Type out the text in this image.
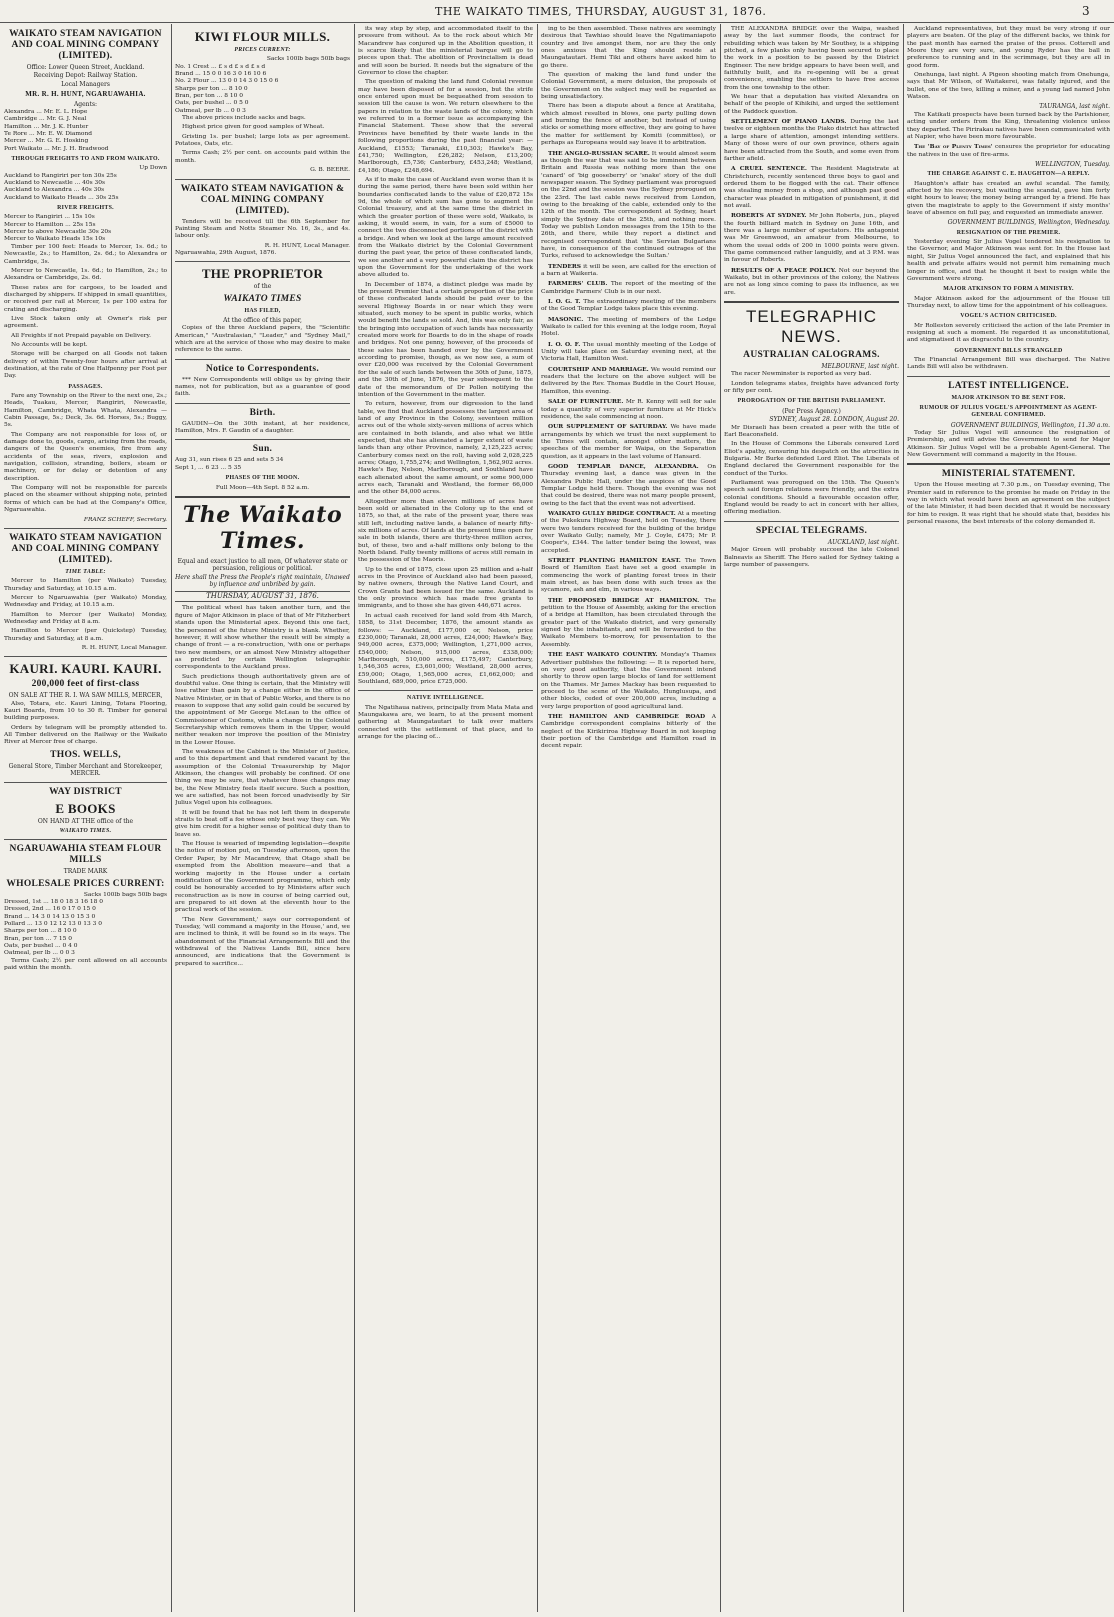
THE WAIKATO TIMES, THURSDAY, AUGUST 31, 1876.	3
WAIKATO STEAM NAVIGATION AND COAL MINING COMPANY (LIMITED).
Office: Lower Queen Street, Auckland.
Receiving Depot: Railway Station.
Local Managers
MR. R. H. HUNT, NGARUAWAHIA.
Agents:
Alexandra ... Mr. E. L. Hope
Cambridge ... Mr. G. J. Neal
Hamilton ... Mr. J. K. Hunter
Te Rore ... Mr. E. W. Diamond
Mercer ... Mr. G. E. Hosking
Port Waikato ... Mr. J. H. Bradwood
THROUGH FREIGHTS TO AND FROM WAIKATO.
Up Down
Auckland to Rangiriri per ton 30s 25s
Auckland to Newcastle ... 40s 30s
Auckland to Alexandra ... 40s 30s
Auckland to Waikato Heads ... 30s 25s
RIVER FREIGHTS.
Mercer to Rangiriri ... 15s 10s
Mercer to Hamilton ... 25s 15s
Mercer to above Newcastle 30s 20s
Mercer to Waikato Heads 15s 10s

Timber per 100 feet: Heads to Mercer, 1s. 6d.; to Newcastle, 2s.; to Hamilton, 2s. 6d.; to Alexandra or Cambridge, 3s.

Mercer to Newcastle, 1s. 6d.; to Hamilton, 2s.; to Alexandra or Cambridge, 2s. 6d.

These rates are for cargoes, to be loaded and discharged by shippers. If shipped in small quantities, or received per rail at Mercer, 1s per 100 extra for crating and discharging.

Live Stock taken only at Owner's risk per agreement.

All Freights if not Prepaid payable on Delivery.

No Accounts will be kept.

Storage will be charged on all Goods not taken delivery of within Twenty-four hours after arrival at destination, at the rate of One Halfpenny per Foot per Day.

PASSAGES.

Fare any Township on the River to the next one, 2s.; Heads, Tuakau, Mercer, Rangiriri, Newcastle, Hamilton, Cambridge, Whata Whata, Alexandra — Cabin Passage, 5s.; Deck, 3s. 6d. Horses, 5s.; Buggy, 5s.

The Company are not responsible for loss of, or damage done to, goods, cargo, arising from the roads, dangers of the Queen's enemies, fire from any accidents of the seas, rivers, explosion and navigation, collision, stranding, boilers, steam or machinery, or for delay or detention of any description.

The Company will not be responsible for parcels placed on the steamer without shipping note, printed forms of which can be had at the Company's Office, Ngaruawahia.

FRANZ SCHEFF, Secretary.
WAIKATO STEAM NAVIGATION AND COAL MINING COMPANY (LIMITED).
TIME TABLE:

Mercer to Hamilton (per Waikato) Tuesday, Thursday and Saturday, at 10.15 a.m.

Mercer to Ngaruawahia (per Waikato) Monday, Wednesday and Friday, at 10.15 a.m.

Hamilton to Mercer (per Waikato) Monday, Wednesday and Friday at 8 a.m.

Hamilton to Mercer (per Quickstep) Tuesday, Thursday and Saturday, at 8 a.m.

R. H. HUNT, Local Manager.
KAURI. KAURI. KAURI.
200,000 feet of first-class
ON SALE AT THE R. I. WA SAW MILLS, MERCER,

Also, Totara, etc. Kauri Lining, Totara Flooring, Kauri Boards, from 10 to 30 ft. Timber for general building purposes.

Orders by telegram will be promptly attended to. All Timber delivered on the Railway or the Waikato River at Mercer free of charge.

THOS. WELLS,
General Store, Timber Merchant and Storekeeper, MERCER.
WAY DISTRICT
E BOOKS
ON HAND AT THE office of the
WAIKATO TIMES.
NGARUAWAHIA STEAM FLOUR MILLS
TRADE MARK
WHOLESALE PRICES CURRENT:
Sacks 100lb bags 50lb bags
Dressed, 1st ... 18 0 18 3 16 18 0
Dressed, 2nd ... 16 0 17 0 15 0
Brand ... 14 3 0 14 13 0 15 3 0
Pollard ... 13 0 12 12 13 0 13 3 0
Sharps per ton ... 8 10 0
Bran, per ton ... 7 15 0
Oats, per bushel ... 0 4 0
Oatmeal, per lb ... 0 0 3

Terms Cash; 2½ per cent allowed on all accounts paid within the month.

KIWI FLOUR MILLS.
PRICES CURRENT:
Sacks 100lb bags 50lb bags
No. 1 Crest ... £ s d £ s d £ s d
Brand ... 15 0 0 16 3 0 16 10 6
No. 2 Flour ... 13 0 0 14 3 0 15 0 6
Sharps per ton ... 8 10 0
Bran, per ton ... 8 10 0
Oats, per bushel ... 0 5 0
Oatmeal, per lb ... 0 0 3

The above prices include sacks and bags.

Highest price given for good samples of Wheat.

Gristing 1s. per bushel; large lots as per agreement. Potatoes, Oats, etc.

Terms Cash; 2½ per cent. on accounts paid within the month.

G. B. BEERE.
WAIKATO STEAM NAVIGATION & COAL MINING COMPANY (LIMITED).

Tenders will be received till the 6th September for Painting Steam and Notts Steamer No. 16, 3s., and 4s. labour only.

R. H. HUNT, Local Manager.
Ngaruawahia, 29th August, 1876.
THE PROPRIETOR
of the
WAIKATO TIMES
HAS FILED,
At the office of this paper,

Copies of the three Auckland papers, the "Scientific American," "Australasian," "Leader," and "Sydney Mail," which are at the service of those who may desire to make reference to the same.

Notice to Correspondents.

*** New Correspondents will oblige us by giving their names, not for publication, but as a guarantee of good faith.

Birth.

GAUDIN—On the 30th instant, at her residence, Hamilton, Mrs. F. Gaudin of a daughter.

Sun.
Aug 31, sun rises 6 25 and sets 5 34
Sept 1, ... 6 23 ... 5 35
PHASES OF THE MOON.
Full Moon—4th Sept. 8 52 a.m.
The Waikato Times.
Equal and exact justice to all men, Of whatever state or persuasion, religious or political.
Here shall the Press the People's right maintain, Unawed by influence and unbribed by gain.
THURSDAY, AUGUST 31, 1876.

The political wheel has taken another turn, and the figure of Major Atkinson in place of that of Mr Fitzherbert stands upon the Ministerial apex. Beyond this one fact, the personnel of the future Ministry is a blank. Whether, however, it will show whether the result will be simply a change of front — a re-construction, 'with one or perhaps two new members, or an almost New Ministry altogether as predicted by certain Wellington telegraphic correspondents to the Auckland press.

Such predictions though authoritatively given are of doubtful value. One thing is certain, that the Ministry will lose rather than gain by a change either in the office of Native Minister, or in that of Public Works, and there is no reason to suppose that any solid gain could be secured by the appointment of Mr George McLean to the office of Commissioner of Customs, while a change in the Colonial Secretaryship which removes them in the Upper, would neither weaken nor improve the position of the Ministry in the Lower House.

The weakness of the Cabinet is the Minister of Justice, and to this department and that rendered vacant by the assumption of the Colonial Treasurership by Major Atkinson, the changes will probably be confined. Of one thing we may be sure, that whatever those changes may be, the New Ministry feels itself secure. Such a position, we are satisfied, has not been forced unadvisedly by Sir Julius Vogel upon his colleagues.

It will be found that he has not left them in desperate straits to beat off a foe whose only best way they can. We give him credit for a higher sense of political duty than to leave so.

The House is wearied of impending legislation—despite the notice of motion put, on Tuesday afternoon, upon the Order Paper, by Mr Macandrew, that Otago shall be exempted from the Abolition measure—and that a working majority in the House under a certain modification of the Government programme, which only could be honourably acceded to by Ministers after such reconstruction as is now in course of being carried out, are prepared to sit down at the eleventh hour to the practical work of the session.

'The New Government,' says our correspondent of Tuesday, 'will command a majority in the House,' and, we are inclined to think, it will be found so in its ways. The abandonment of the Financial Arrangements Bill and the withdrawal of the Natives Lands Bill, since here announced, are indications that the Government is prepared to sacrifice...

its way step by step, and accommodated itself to the pressure from without. As to the rock about which Mr Macandrew has conjured up in the Abolition question, it is scarce likely that the ministerial barque will go to pieces upon that. The abolition of Provincialism is dead and will soon be buried. It needs but the signature of the Governor to close the chapter.

The question of making the land fund Colonial revenue may have been disposed of for a session, but the strife once entered upon must be bequeathed from session to session till the cause is won. We return elsewhere to the papers in relation to the waste lands of the colony, which we referred to in a former issue as accompanying the Financial Statement. These show that the several Provinces have benefited by their waste lands in the following proportions during the past financial year: — Auckland, £1553; Taranaki, £10,303; Hawke's Bay, £41,750; Wellington, £26,282; Nelson, £13,200; Marlborough, £5,736; Canterbury, £453,248; Westland, £4,186; Otago, £248,694.

As if to make the case of Auckland even worse than it is during the same period, there have been sold within her boundaries confiscated lands to the value of £20,872 15s 9d, the whole of which sum has gone to augment the Colonial treasury, and at the same time the district in which the greater portion of these were sold, Waikato, is asking, it would seem, in vain, for a sum of £5000 to connect the two disconnected portions of the district with a bridge. And when we look at the large amount received from the Waikato district by the Colonial Government during the past year, the price of these confiscated lands, we see another and a very powerful claim the district has upon the Government for the undertaking of the work above alluded to.

In December of 1874, a distinct pledge was made by the present Premier that a certain proportion of the price of these confiscated lands should be paid over to the several Highway Boards in or near which they were situated, such money to be spent in public works, which would benefit the lands so sold. And, this was only fair, as the bringing into occupation of such lands has necessarily created more work for Boards to do in the shape of roads and bridges. Not one penny, however, of the proceeds of these sales has been handed over by the Government according to promise, though, as we now see, a sum of over £20,000 was received by the Colonial Government for the sale of such lands between the 30th of June, 1875, and the 30th of June, 1876, the year subsequent to the date of the memorandum of Dr Pollen notifying the intention of the Government in the matter.

To return, however, from our digression to the land table, we find that Auckland possesses the largest area of land of any Province in the Colony, seventeen million acres out of the whole sixty-seven millions of acres which are contained in both islands, and also what we little expected, that she has alienated a larger extent of waste lands than any other Province, namely, 2,125,223 acres; Canterbury comes next on the roll, having sold 2,028,225 acres; Otago, 1,755,274; and Wellington, 1,562,902 acres. Hawke's Bay, Nelson, Marlborough, and Southland have each alienated about the same amount, or some 900,000 acres each, Taranaki and Westland, the former 66,000 and the other 84,000 acres.

Altogether more than eleven millions of acres have been sold or alienated in the Colony up to the end of 1875, so that, at the rate of the present year, there was still left, including native lands, a balance of nearly fifty-six millions of acres. Of lands at the present time open for sale in both islands, there are thirty-three million acres, but, of these, two and a-half millions only belong to the North Island. Fully twenty millions of acres still remain in the possession of the Maoris.

Up to the end of 1875, close upon 25 million and a-half acres in the Province of Auckland also had been passed, by native owners, through the Native Land Court, and Crown Grants had been issued for the same. Auckland is the only province which has made free grants to immigrants, and to those she has given 446,671 acres.

In actual cash received for land sold from 4th March, 1858, to 31st December, 1876, the amount stands as follows: — Auckland, £177,000 or, Nelson, price £230,000; Taranaki, 28,000 acres, £24,000; Hawke's Bay, 949,000 acres, £375,000; Wellington, 1,271,000 acres, £540,000; Nelson, 915,000 acres, £338,000; Marlborough, 510,000 acres, £175,497; Canterbury, 1,546,305 acres, £3,601,000; Westland, 28,000 acres, £59,000; Otago, 1,565,000 acres, £1,662,000; and Southland, 689,000, price £725,000.

NATIVE INTELLIGENCE.

The Ngatihaua natives, principally from Mata Mata and Maungakawa are, we learn, to at the present moment gathering at Maungatautari to talk over matters connected with the settlement of that place, and to arrange for the placing of...

ing to be then assembled. These natives are seemingly desirous that Tawhiao should leave the Ngatimaniapoto country and live amongst them, nor are they the only ones anxious that the King should reside at Maungatautari. Hemi Tiki and others have asked him to go there.

The question of making the land fund under the Colonial Government, a mere delusion, the proposals of the Government on the subject may well be regarded as being unsatisfactory.

There has been a dispute about a fence at Aratitaha, which almost resulted in blows, one party pulling down and burning the fence of another, but instead of using sticks or something more effective, they are going to have the matter for settlement by Komiti (committee), or perhaps as Europeans would say leave it to arbitration.

THE ANGLO-RUSSIAN SCARE. It would almost seem as though the war that was said to be imminent between Britain and Russia was nothing more than the one 'canard' of 'big gooseberry' or 'snake' story of the dull newspaper season. The Sydney parliament was prorogued on the 22nd and the session was the Sydney prorogued on the 23rd. The last cable news received from London, owing to the breaking of the cable, extended only to the 12th of the month. The correspondent at Sydney, heart simply the Sydney date of the 25th, and nothing more. Today we publish London messages from the 15th to the 26th, and there, while they report a distinct and recognised correspondent that 'the Servian Bulgarians have, in consequence of the continued outrages of the Turks, refused to acknowledge the Sultan.'

TENDERS it will be seen, are called for the erection of a barn at Waikeria.

FARMERS' CLUB. The report of the meeting of the Cambridge Farmers' Club is in our next.

I. O. G. T. The extraordinary meeting of the members of the Good Templar Lodge takes place this evening.

MASONIC. The meeting of members of the Lodge Waikato is called for this evening at the lodge room, Royal Hotel.

I. O. O. F. The usual monthly meeting of the Lodge of Unity will take place on Saturday evening next, at the Victoria Hall, Hamilton West.

COURTSHIP AND MARRIAGE. We would remind our readers that the lecture on the above subject will be delivered by the Rev. Thomas Buddle in the Court House, Hamilton, this evening.

SALE OF FURNITURE. Mr R. Kenny will sell for sale today a quantity of very superior furniture at Mr Hick's residence, the sale commencing at noon.

OUR SUPPLEMENT OF SATURDAY. We have made arrangements by which we trust the next supplement to the Times will contain, amongst other matters, the speeches of the member for Waipa, on the Separation question, as it appears in the last volume of Hansard.

GOOD TEMPLAR DANCE, ALEXANDRA. On Thursday evening last, a dance was given in the Alexandra Public Hall, under the auspices of the Good Templar Lodge held there. Though the evening was not that could be desired, there was not many people present, owing to the fact that the event was not advertised.

WAIKATO GULLY BRIDGE CONTRACT. At a meeting of the Pukekura Highway Board, held on Tuesday, there were two tenders received for the building of the bridge over Waikato Gully; namely, Mr J. Coyle, £475; Mr P. Cooper's, £344. The latter tender being the lowest, was accepted.

STREET PLANTING HAMILTON EAST. The Town Board of Hamilton East have set a good example in commencing the work of planting forest trees in their main street, as has been done with such trees as the sycamore, ash and elm, in various ways.

THE PROPOSED BRIDGE AT HAMILTON. The petition to the House of Assembly, asking for the erection of a bridge at Hamilton, has been circulated through the greater part of the Waikato district, and very generally signed by the inhabitants, and will be forwarded to the Waikato Members to-morrow, for presentation to the Assembly.

THE EAST WAIKATO COUNTRY. Monday's Thames Advertiser publishes the following: — It is reported here, on very good authority, that the Government intend shortly to throw open large blocks of land for settlement on the Thames. Mr James Mackay has been requested to proceed to the scene of the Waikato, Hunglusupa, and other blocks, ceded of over 200,000 acres, including a very large proportion of good agricultural land.

THE HAMILTON AND CAMBRIDGE ROAD A Cambridge correspondent complains bitterly of the neglect of the Kirikiriroa Highway Board in not keeping their portion of the Cambridge and Hamilton road in decent repair.

THE ALEXANDRA BRIDGE over the Waipa, washed away by the last summer floods, the contract for rebuilding which was taken by Mr Southey, is a shipping pitched, a few planks only having been secured to place the work in a position to be passed by the District Engineer. The new bridge appears to have been well, and faithfully built, and its re-opening will be a great convenience, enabling the settlers to have free access from the one township to the other.

We hear that a deputation has visited Alexandra on behalf of the people of Kihikihi, and urged the settlement of the Paddock question.

SETTLEMENT OF PIANO LANDS. During the last twelve or eighteen months the Piako district has attracted a large share of attention, amongst intending settlers. Many of those were of our own province, others again have been attracted from the South, and some even from farther afield.

A CRUEL SENTENCE. The Resident Magistrate at Christchurch, recently sentenced three boys to gaol and ordered them to be flogged with the cat. Their offence was stealing money from a shop, and although past good character was pleaded in mitigation of punishment, it did not avail.

ROBERTS AT SYDNEY. Mr John Roberts, jun., played the fourth billiard match in Sydney on June 16th, and there was a large number of spectators. His antagonist was Mr Greenwood, an amateur from Melbourne, to whom the usual odds of 200 in 1000 points were given. The game commenced rather languidly, and at 3 P.M. was in favour of Roberts.

RESULTS OF A PEACE POLICY. Not our beyond the Waikato, but in other provinces of the colony, the Natives are not as long since coming to pass its influence, as we are.

TELEGRAPHIC NEWS.
AUSTRALIAN CALOGRAMS.
MELBOURNE, last night.

The racer Newminster is reported as very bad.

London telegrams states, freights have advanced forty or fifty per cent.

PROROGATION OF THE BRITISH PARLIAMENT.
(Per Press Agency.)
SYDNEY, August 28. LONDON, August 20.

Mr Disraeli has been created a peer with the title of Earl Beaconsfield.

In the House of Commons the Liberals censured Lord Eliot's apathy, censuring his despatch on the atrocities in Bulgaria. Mr Burke defended Lord Eliot. The Liberals of England declared the Government responsible for the conduct of the Turks.

Parliament was prorogued on the 15th. The Queen's speech said foreign relations were friendly, and the extra colonial conditions. Should a favourable occasion offer, England would be ready to act in concert with her allies, offering mediation.

SPECIAL TELEGRAMS.
AUCKLAND, last night.

Major Green will probably succeed the late Colonel Balneavis as Sheriff. The Hero sailed for Sydney taking a large number of passengers.

Auckland representatives, but they must be very strong if our players are beaten. Of the play of the different backs, we think for the past month has earned the praise of the press. Cotterell and Moore they are very sure, and young Ryder has the ball in preference to running and in the scrimmage, but they are all in good form.

Onehunga, last night. A Pigeon shooting match from Onehunga, says that Mr Wilson, of Waitakerei, was fatally injured, and the bullet, one of the two, killing a miner, and a young lad named John Watson.

TAURANGA, last night.

The Katikati prospects have been turned back by the Parishioner, acting under orders from the King, threatening violence unless they departed. The Pirirakau natives have been communicated with at Napier, who have been more favourable.

The 'Bay of Plenty Times' censures the proprietor for educating the natives in the use of fire-arms.

WELLINGTON, Tuesday.
THE CHARGE AGAINST C. E. HAUGHTON—A REPLY.

Haughton's affair has created an awful scandal. The family, affected by his recovery, but waiting the scandal, gave him forty eight hours to leave; the money being arranged by a friend. He has given the magistrate to apply to the Government if sixty months' leave of absence on full pay, and requested an immediate answer.

GOVERNMENT BUILDINGS, Wellington, Wednesday.
RESIGNATION OF THE PREMIER.

Yesterday evening Sir Julius Vogel tendered his resignation to the Governor, and Major Atkinson was sent for. In the House last night, Sir Julius Vogel announced the fact, and explained that his health and private affairs would not permit him remaining much longer in office, and that he thought it best to resign while the Government were strong.

MAJOR ATKINSON TO FORM A MINISTRY.

Major Atkinson asked for the adjournment of the House till Thursday next, to allow time for the appointment of his colleagues.

VOGEL'S ACTION CRITICISED.

Mr Rolleston severely criticised the action of the late Premier in resigning at such a moment. He regarded it as unconstitutional, and stigmatised it as disgraceful to the country.

GOVERNMENT BILLS STRANGLED

The Financial Arrangement Bill was discharged. The Native Lands Bill will also be withdrawn.

LATEST INTELLIGENCE.
MAJOR ATKINSON TO BE SENT FOR.
RUMOUR OF JULIUS VOGEL'S APPOINTMENT AS AGENT-GENERAL CONFIRMED.
GOVERNMENT BUILDINGS, Wellington, 11.30 a.m.

Today Sir Julius Vogel will announce the resignation of Premiership, and will advise the Government to send for Major Atkinson. Sir Julius Vogel will be a probable Agent-General. The New Government will command a majority in the House.

MINISTERIAL STATEMENT.

Upon the House meeting at 7.30 p.m., on Tuesday evening, The Premier said in reference to the promise he made on Friday in the way in which what would have been an agreement on the subject of the late Minister, it had been decided that it would be necessary for him to resign. It was right that he should state that, besides his personal reasons, the best interests of the colony demanded it.
